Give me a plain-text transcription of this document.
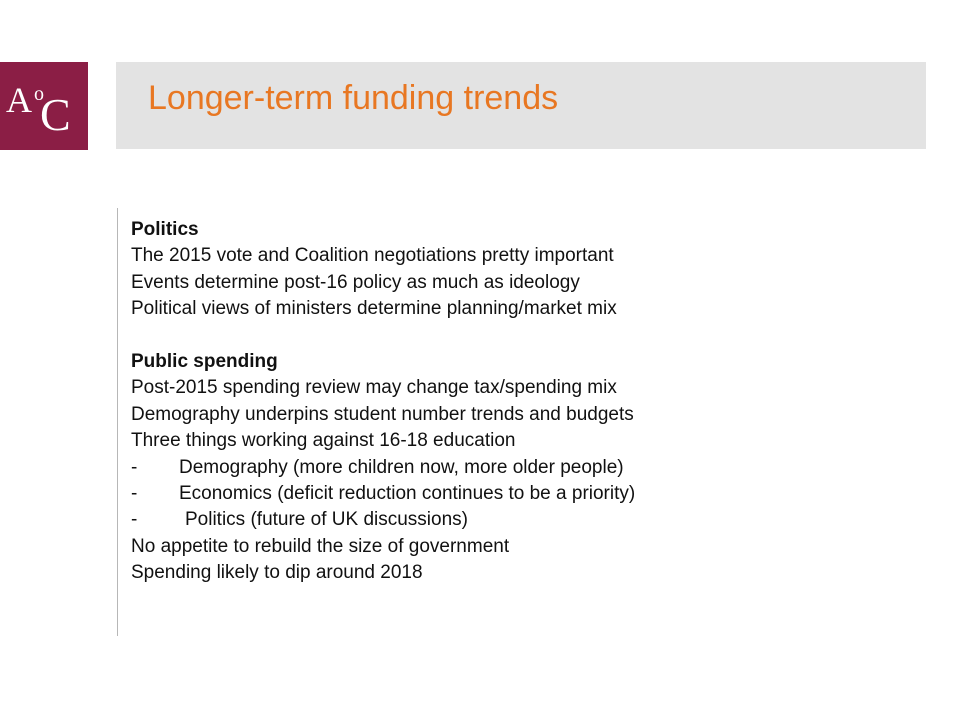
A o
C Longer-term funding trends
Politics
The 2015 vote and Coalition negotiations pretty important
Events determine post-16 policy as much as ideology
Political views of ministers determine planning/market mix
Public spending
Post-2015 spending review may change tax/spending mix
Demography underpins student number trends and budgets
Three things working against 16-18 education
- Demography (more children now, more older people)
- Economics (deficit reduction continues to be a priority)
-	Politics (future of UK discussions)
No appetite to rebuild the size of government
Spending likely to dip around 2018
